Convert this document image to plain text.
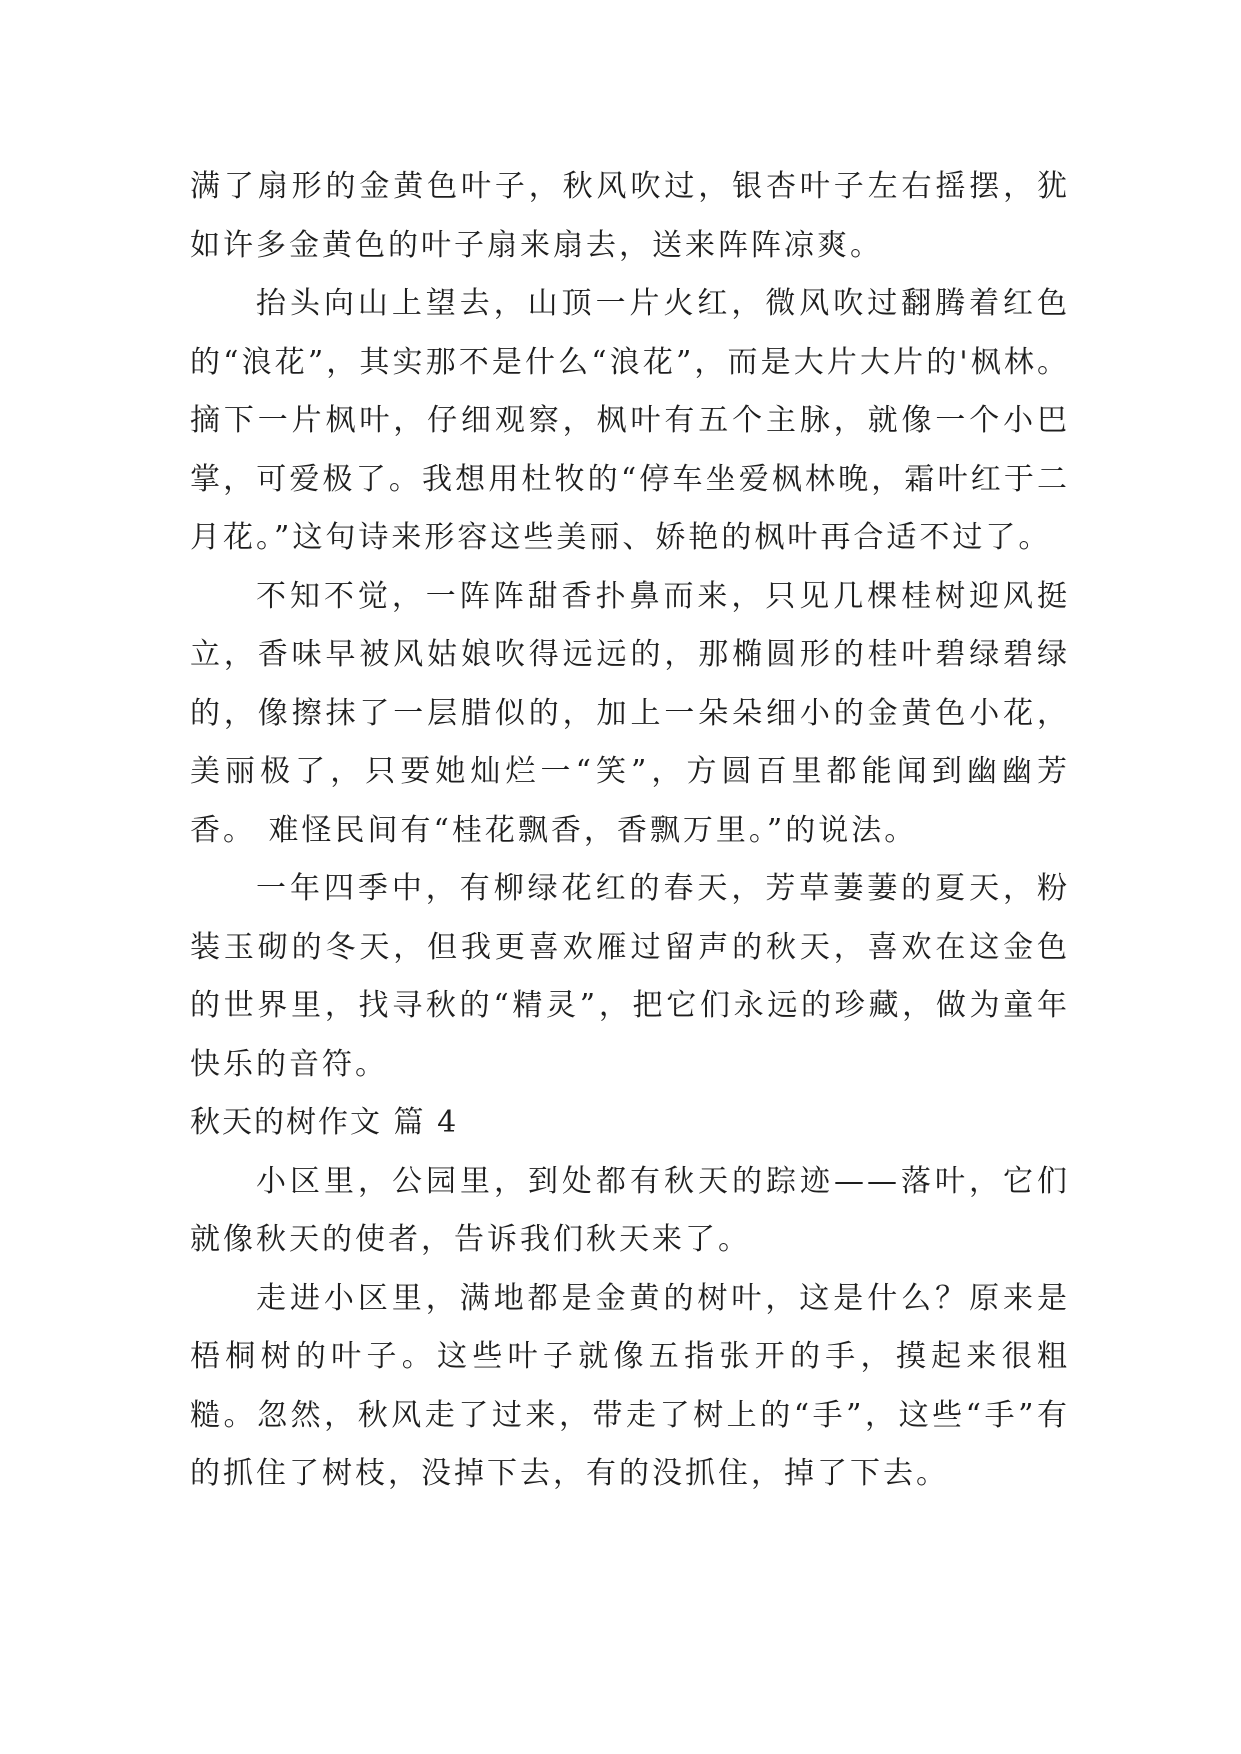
满了扇形的金黄色叶子，秋风吹过，银杏叶子左右摇摆，犹如许多金黄色的叶子扇来扇去，送来阵阵凉爽。

抬头向山上望去，山顶一片火红，微风吹过翻腾着红色的“浪花”，其实那不是什么“浪花”，而是大片大片的'枫林。摘下一片枫叶，仔细观察，枫叶有五个主脉，就像一个小巴掌，可爱极了。我想用杜牧的“停车坐爱枫林晚，霜叶红于二月花。”这句诗来形容这些美丽、娇艳的枫叶再合适不过了。

不知不觉，一阵阵甜香扑鼻而来，只见几棵桂树迎风挺立，香味早被风姑娘吹得远远的，那椭圆形的桂叶碧绿碧绿的，像擦抹了一层腊似的，加上一朵朵细小的金黄色小花，美丽极了，只要她灿烂一“笑”，方圆百里都能闻到幽幽芳香。 难怪民间有“桂花飘香，香飘万里。”的说法。

一年四季中，有柳绿花红的春天，芳草萋萋的夏天，粉装玉砌的冬天，但我更喜欢雁过留声的秋天，喜欢在这金色的世界里，找寻秋的“精灵”，把它们永远的珍藏，做为童年快乐的音符。

秋天的树作文 篇 4

小区里，公园里，到处都有秋天的踪迹——落叶，它们就像秋天的使者，告诉我们秋天来了。

走进小区里，满地都是金黄的树叶，这是什么？原来是梧桐树的叶子。这些叶子就像五指张开的手，摸起来很粗糙。忽然，秋风走了过来，带走了树上的“手”，这些“手”有的抓住了树枝，没掉下去，有的没抓住，掉了下去。
